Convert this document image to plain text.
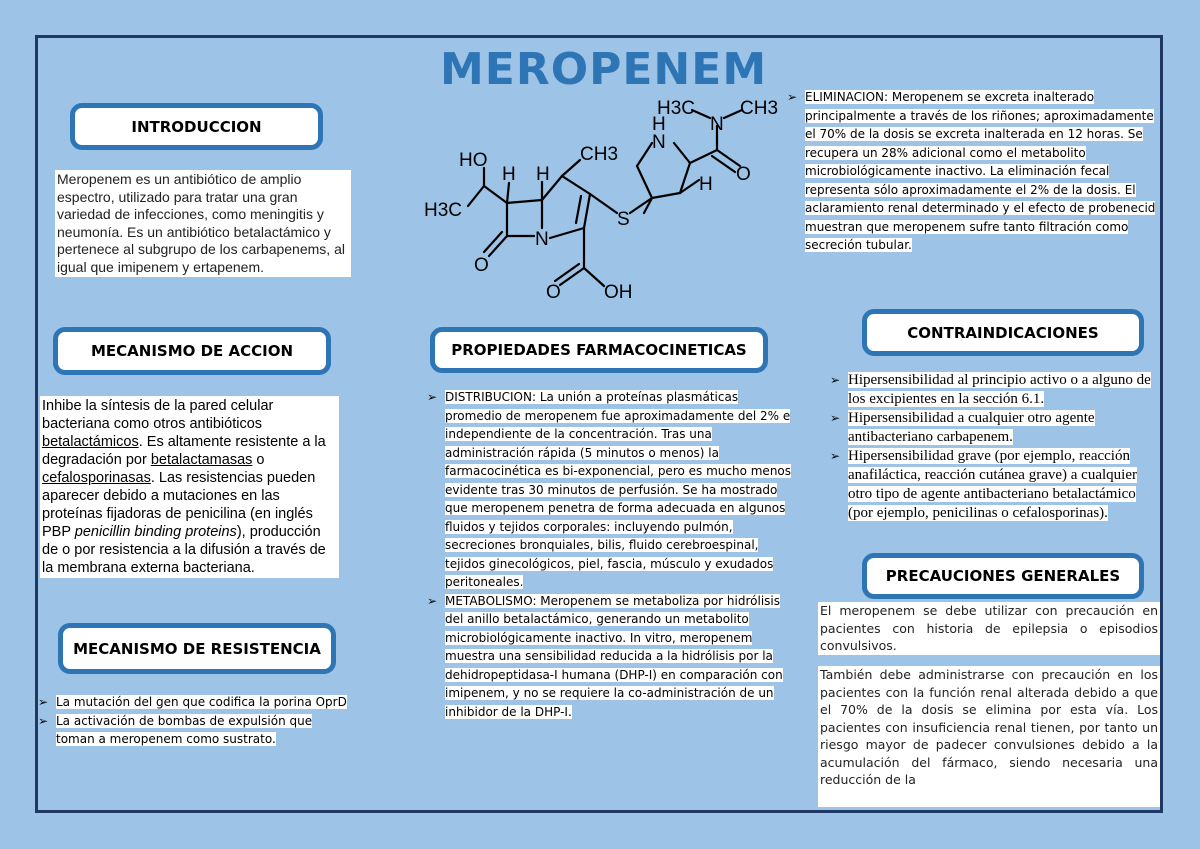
MEROPENEM
INTRODUCCION
Meropenem es un antibiótico de amplio espectro, utilizado para tratar una gran variedad de infecciones, como meningitis y neumonía. Es un antibiótico betalactámico y pertenece al subgrupo de los carbapenems, al igual que imipenem y ertapenem.
MECANISMO DE ACCION
Inhibe la síntesis de la pared celular bacteriana como otros antibióticos betalactámicos. Es altamente resistente a la degradación por betalactamasas o cefalosporinasas. Las resistencias pueden aparecer debido a mutaciones en las proteínas fijadoras de penicilina (en inglés PBP penicillin binding proteins), producción de o por resistencia a la difusión a través de la membrana externa bacteriana.
MECANISMO DE RESISTENCIA
➢ La mutación del gen que codifica la porina OprD
➢ La activación de bombas de expulsión que toman a meropenem como sustrato.
HO
H3C
H H
CH3
N
O
S
O OH
N
H
H
N
H3C CH3
O
PROPIEDADES FARMACOCINETICAS
➢ DISTRIBUCION: La unión a proteínas plasmáticas promedio de meropenem fue aproximadamente del 2% e independiente de la concentración. Tras una administración rápida (5 minutos o menos) la farmacocinética es bi-exponencial, pero es mucho menos evidente tras 30 minutos de perfusión. Se ha mostrado que meropenem penetra de forma adecuada en algunos fluidos y tejidos corporales: incluyendo pulmón, secreciones bronquiales, bilis, fluido cerebroespinal, tejidos ginecológicos, piel, fascia, músculo y exudados peritoneales.
➢ METABOLISMO: Meropenem se metaboliza por hidrólisis del anillo betalactámico, generando un metabolito microbiológicamente inactivo. In vitro, meropenem muestra una sensibilidad reducida a la hidrólisis por la dehidropeptidasa-I humana (DHP-I) en comparación con imipenem, y no se requiere la co-administración de un inhibidor de la DHP-I.
➢ ELIMINACION: Meropenem se excreta inalterado principalmente a través de los riñones; aproximadamente el 70% de la dosis se excreta inalterada en 12 horas. Se recupera un 28% adicional como el metabolito microbiológicamente inactivo. La eliminación fecal representa sólo aproximadamente el 2% de la dosis. El aclaramiento renal determinado y el efecto de probenecid muestran que meropenem sufre tanto filtración como secreción tubular.
CONTRAINDICACIONES
➢ Hipersensibilidad al principio activo o a alguno de los excipientes en la sección 6.1.
➢ Hipersensibilidad a cualquier otro agente antibacteriano carbapenem.
➢ Hipersensibilidad grave (por ejemplo, reacción anafiláctica, reacción cutánea grave) a cualquier otro tipo de agente antibacteriano betalactámico (por ejemplo, penicilinas o cefalosporinas).
PRECAUCIONES GENERALES
El meropenem se debe utilizar con precaución en pacientes con historia de epilepsia o episodios convulsivos.
También debe administrarse con precaución en los pacientes con la función renal alterada debido a que el 70% de la dosis se elimina por esta vía. Los pacientes con insuficiencia renal tienen, por tanto un riesgo mayor de padecer convulsiones debido a la acumulación del fármaco, siendo necesaria una reducción de la
